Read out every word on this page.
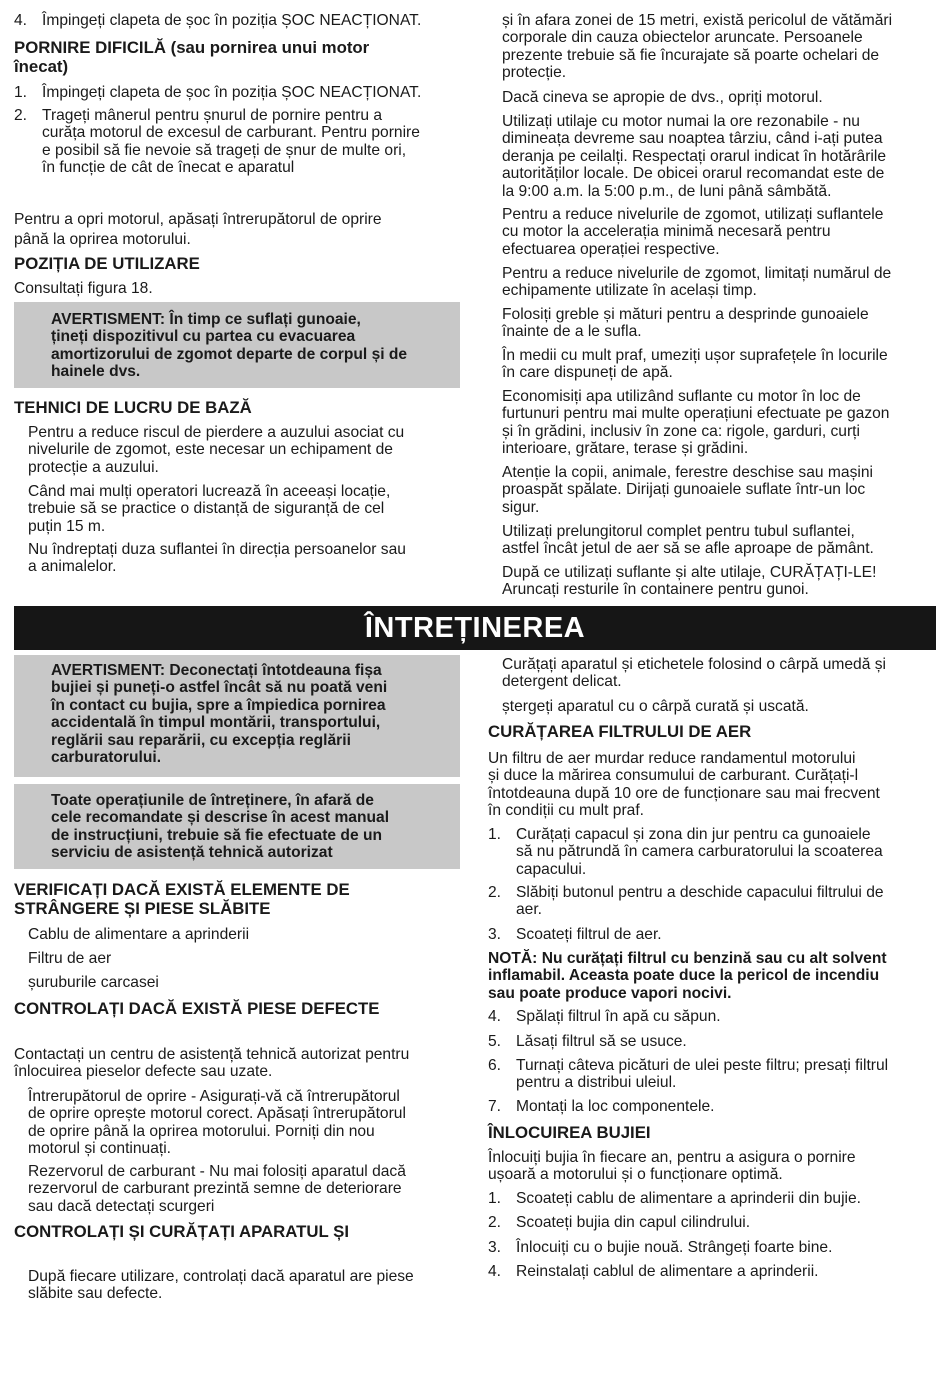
4. Împingeți clapeta de șoc în poziția ȘOC NEACȚIONAT.
PORNIRE DIFICILĂ (sau pornirea unui motor
înecat)
1. Împingeți clapeta de șoc în poziția ȘOC NEACȚIONAT.
2. Trageți mânerul pentru șnurul de pornire pentru a
curăța motorul de excesul de carburant. Pentru pornire
e posibil să fie nevoie să trageți de șnur de multe ori,
în funcție de cât de înecat e aparatul
Pentru a opri motorul, apăsați întrerupătorul de oprire
până la oprirea motorului.
POZIȚIA DE UTILIZARE
Consultați figura 18.
AVERTISMENT: În timp ce suflați gunoaie,
țineți dispozitivul cu partea cu evacuarea
amortizorului de zgomot departe de corpul și de
hainele dvs.
TEHNICI DE LUCRU DE BAZĂ
Pentru a reduce riscul de pierdere a auzului asociat cu
nivelurile de zgomot, este necesar un echipament de
protecție a auzului.
Când mai mulți operatori lucrează în aceeași locație,
trebuie să se practice o distanță de siguranță de cel
puțin 15 m.
Nu îndreptați duza suflantei în direcția persoanelor sau
a animalelor.
și în afara zonei de 15 metri, există pericolul de vătămări
corporale din cauza obiectelor aruncate. Persoanele
prezente trebuie să fie încurajate să poarte ochelari de
protecție.
Dacă cineva se apropie de dvs., opriți motorul.
Utilizați utilaje cu motor numai la ore rezonabile - nu
dimineața devreme sau noaptea târziu, când i-ați putea
deranja pe ceilalți. Respectați orarul indicat în hotărârile
autorităților locale. De obicei orarul recomandat este de
la 9:00 a.m. la 5:00 p.m., de luni până sâmbătă.
Pentru a reduce nivelurile de zgomot, utilizați suflantele
cu motor la accelerația minimă necesară pentru
efectuarea operației respective.
Pentru a reduce nivelurile de zgomot, limitați numărul de
echipamente utilizate în același timp.
Folosiți greble și mături pentru a desprinde gunoaiele
înainte de a le sufla.
În medii cu mult praf, umeziți ușor suprafețele în locurile
în care dispuneți de apă.
Economisiți apa utilizând suflante cu motor în loc de
furtunuri pentru mai multe operațiuni efectuate pe gazon
și în grădini, inclusiv în zone ca: rigole, garduri, curți
interioare, grătare, terase și grădini.
Atenție la copii, animale, ferestre deschise sau mașini
proaspăt spălate. Dirijați gunoaiele suflate într-un loc
sigur.
Utilizați prelungitorul complet pentru tubul suflantei,
astfel încât jetul de aer să se afle aproape de pământ.
După ce utilizați suflante și alte utilaje, CURĂȚAȚI-LE!
Aruncați resturile în containere pentru gunoi.
ÎNTREȚINEREA
AVERTISMENT: Deconectați întotdeauna fișa
bujiei și puneți-o astfel încât să nu poată veni
în contact cu bujia, spre a împiedica pornirea
accidentală în timpul montării, transportului,
reglării sau reparării, cu excepția reglării
carburatorului.
Toate operațiunile de întreținere, în afară de
cele recomandate și descrise în acest manual
de instrucțiuni, trebuie să fie efectuate de un
serviciu de asistență tehnică autorizat
VERIFICAȚI DACĂ EXISTĂ ELEMENTE DE
STRÂNGERE ȘI PIESE SLĂBITE
Cablu de alimentare a aprinderii
Filtru de aer
șuruburile carcasei
CONTROLAȚI DACĂ EXISTĂ PIESE DEFECTE
Contactați un centru de asistență tehnică autorizat pentru
înlocuirea pieselor defecte sau uzate.
Întrerupătorul de oprire - Asigurați-vă că întrerupătorul
de oprire oprește motorul corect. Apăsați întrerupătorul
de oprire până la oprirea motorului. Porniți din nou
motorul și continuați.
Rezervorul de carburant - Nu mai folosiți aparatul dacă
rezervorul de carburant prezintă semne de deteriorare
sau dacă detectați scurgeri
CONTROLAȚI ȘI CURĂȚAȚI APARATUL ȘI
După fiecare utilizare, controlați dacă aparatul are piese
slăbite sau defecte.
Curățați aparatul și etichetele folosind o cârpă umedă și
detergent delicat.
ștergeți aparatul cu o cârpă curată și uscată.
CURĂȚAREA FILTRULUI DE AER
Un filtru de aer murdar reduce randamentul motorului
și duce la mărirea consumului de carburant. Curățați-l
întotdeauna după 10 ore de funcționare sau mai frecvent
în condiții cu mult praf.
1. Curățați capacul și zona din jur pentru ca gunoaiele
să nu pătrundă în camera carburatorului la scoaterea
capacului.
2. Slăbiți butonul pentru a deschide capacului filtrului de
aer.
3. Scoateți filtrul de aer.
NOTĂ: Nu curățați filtrul cu benzină sau cu alt solvent
inflamabil. Aceasta poate duce la pericol de incendiu
sau poate produce vapori nocivi.
4. Spălați filtrul în apă cu săpun.
5. Lăsați filtrul să se usuce.
6. Turnați câteva picături de ulei peste filtru; presați filtrul
pentru a distribui uleiul.
7. Montați la loc componentele.
ÎNLOCUIREA BUJIEI
Înlocuiți bujia în fiecare an, pentru a asigura o pornire
ușoară a motorului și o funcționare optimă.
1. Scoateți cablu de alimentare a aprinderii din bujie.
2. Scoateți bujia din capul cilindrului.
3. Înlocuiți cu o bujie nouă. Strângeți foarte bine.
4. Reinstalați cablul de alimentare a aprinderii.
